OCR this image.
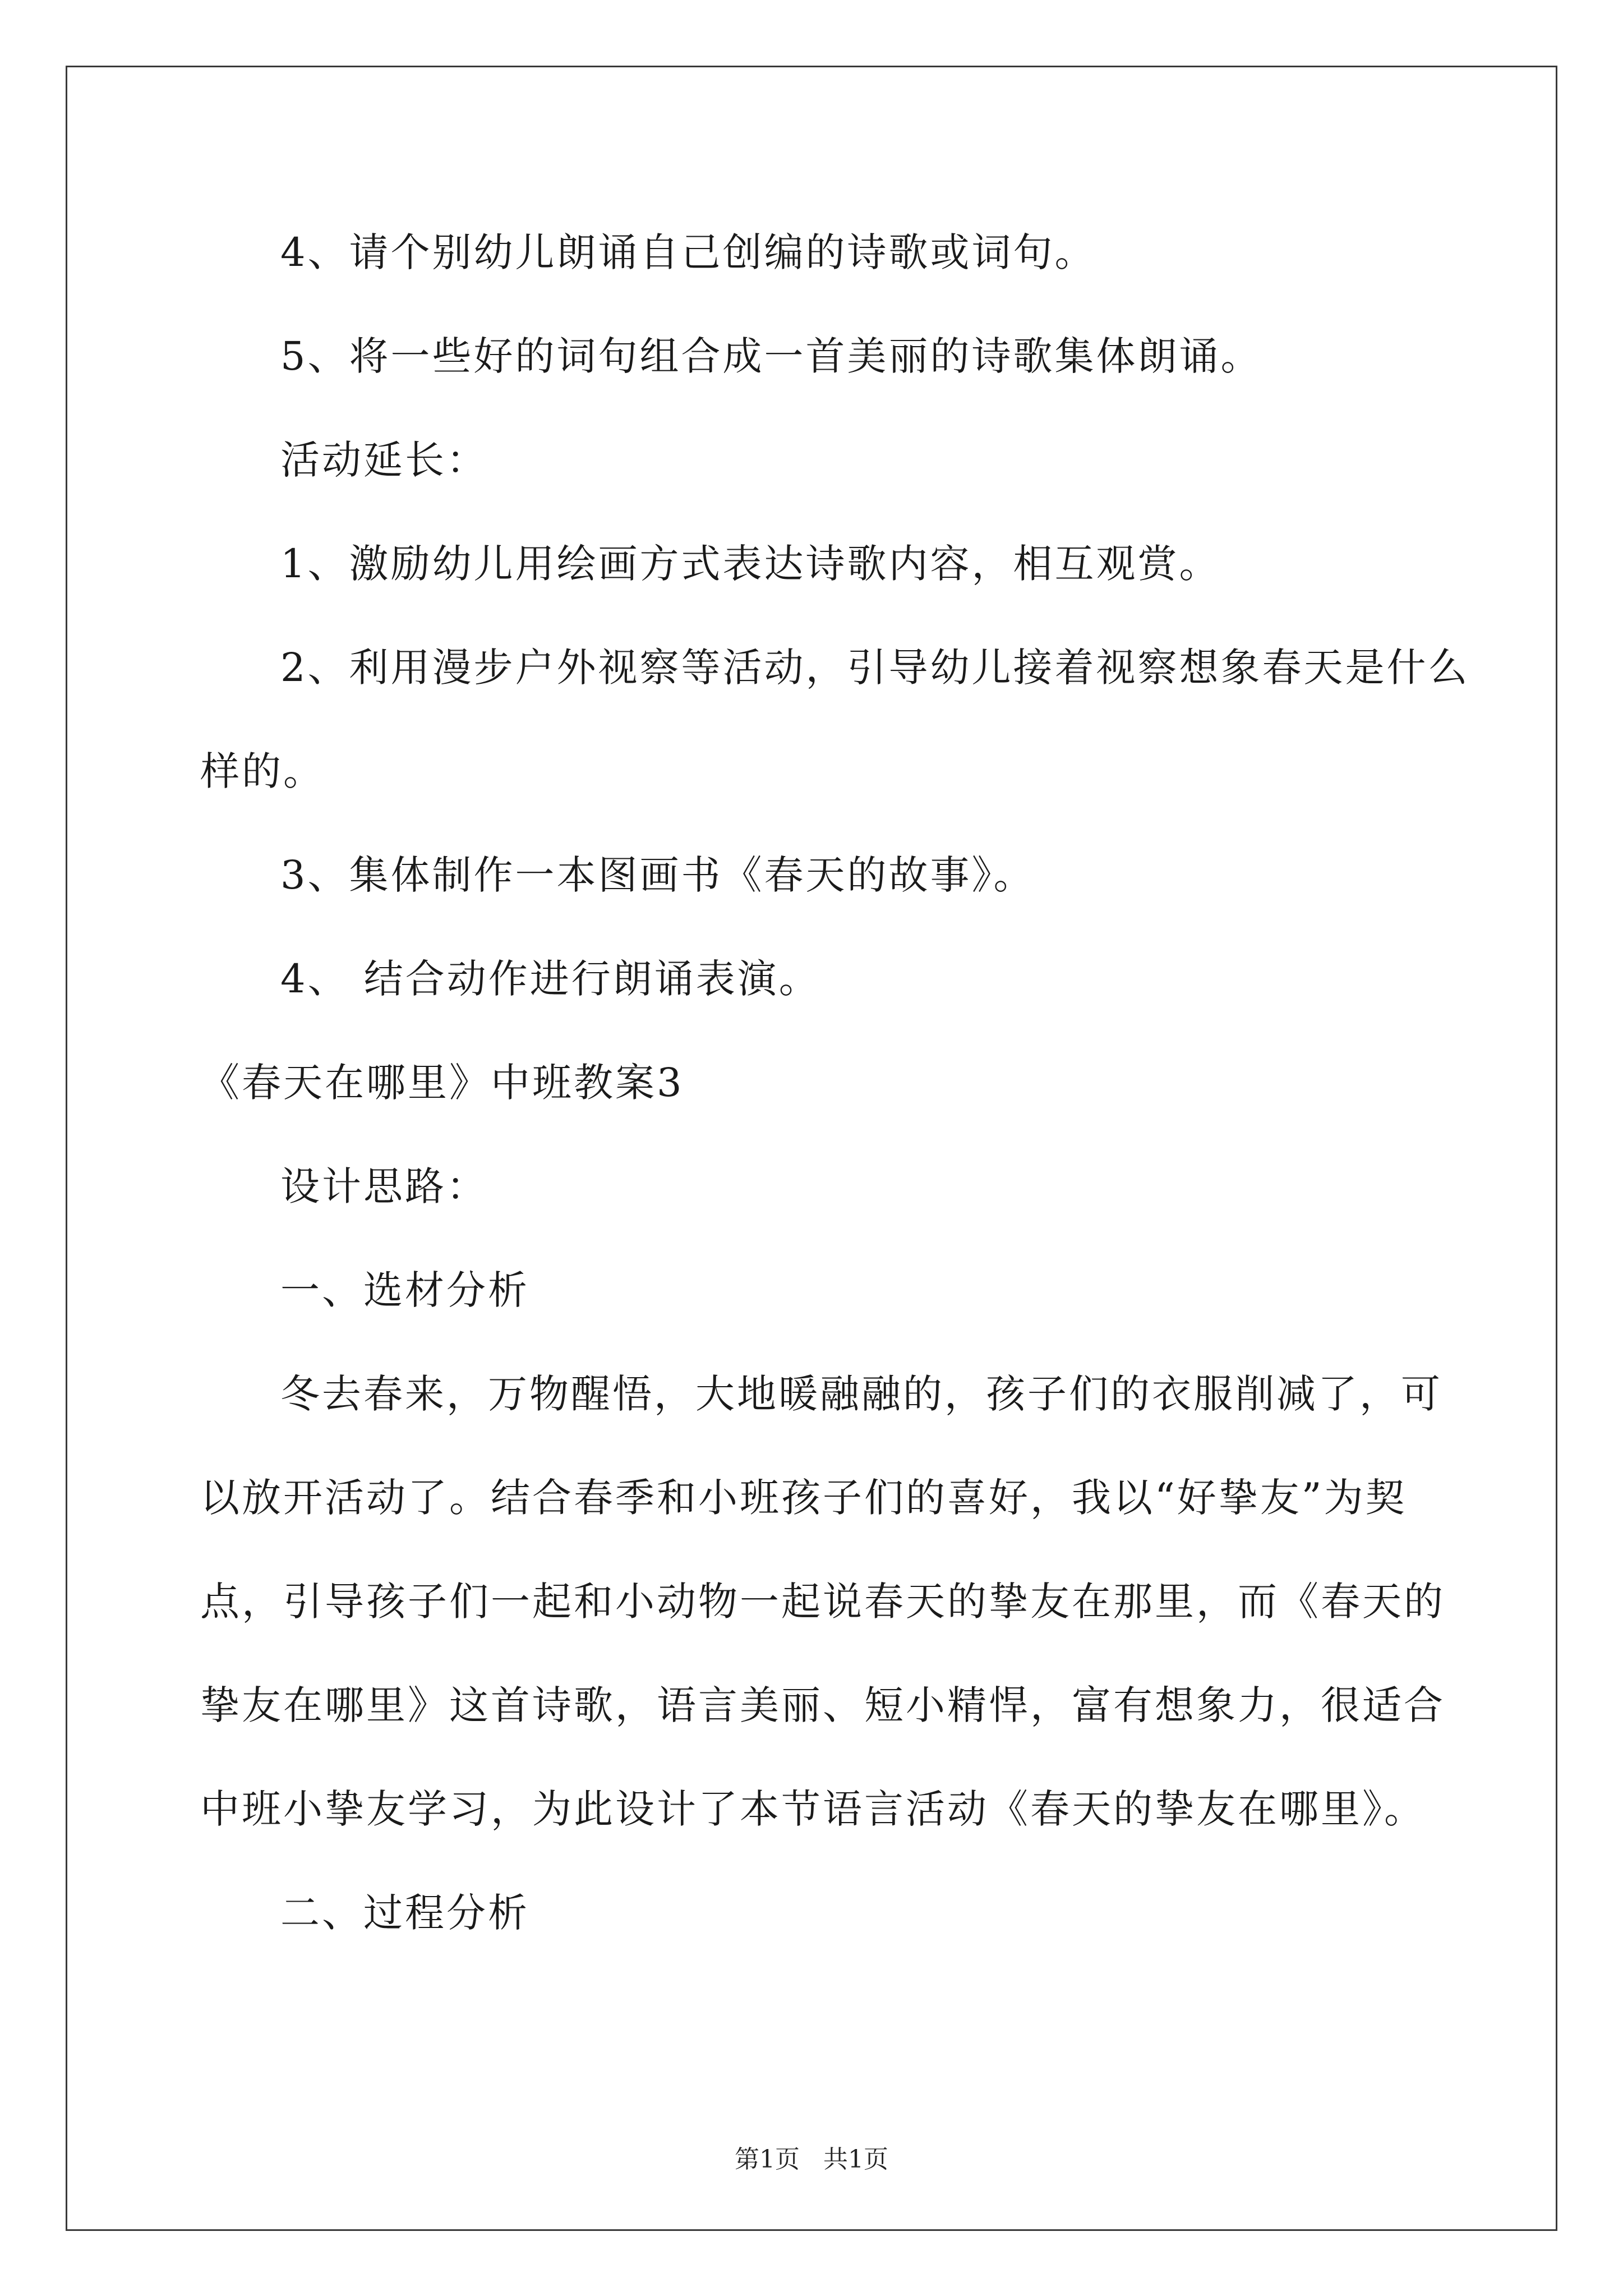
4、请个别幼儿朗诵自己创编的诗歌或词句。
5、将一些好的词句组合成一首美丽的诗歌集体朗诵。
活动延长：
1、激励幼儿用绘画方式表达诗歌内容，相互观赏。
2、利用漫步户外视察等活动，引导幼儿接着视察想象春天是什么
样的。
3、集体制作一本图画书《春天的故事》。
4、 结合动作进行朗诵表演。
《春天在哪里》中班教案3
设计思路：
一、选材分析
冬去春来，万物醒悟，大地暖融融的，孩子们的衣服削减了，可
以放开活动了。结合春季和小班孩子们的喜好，我以“好挚友”为契
点，引导孩子们一起和小动物一起说春天的挚友在那里，而《春天的
挚友在哪里》这首诗歌，语言美丽、短小精悍，富有想象力，很适合
中班小挚友学习，为此设计了本节语言活动《春天的挚友在哪里》。
二、过程分析
第1页   共1页
